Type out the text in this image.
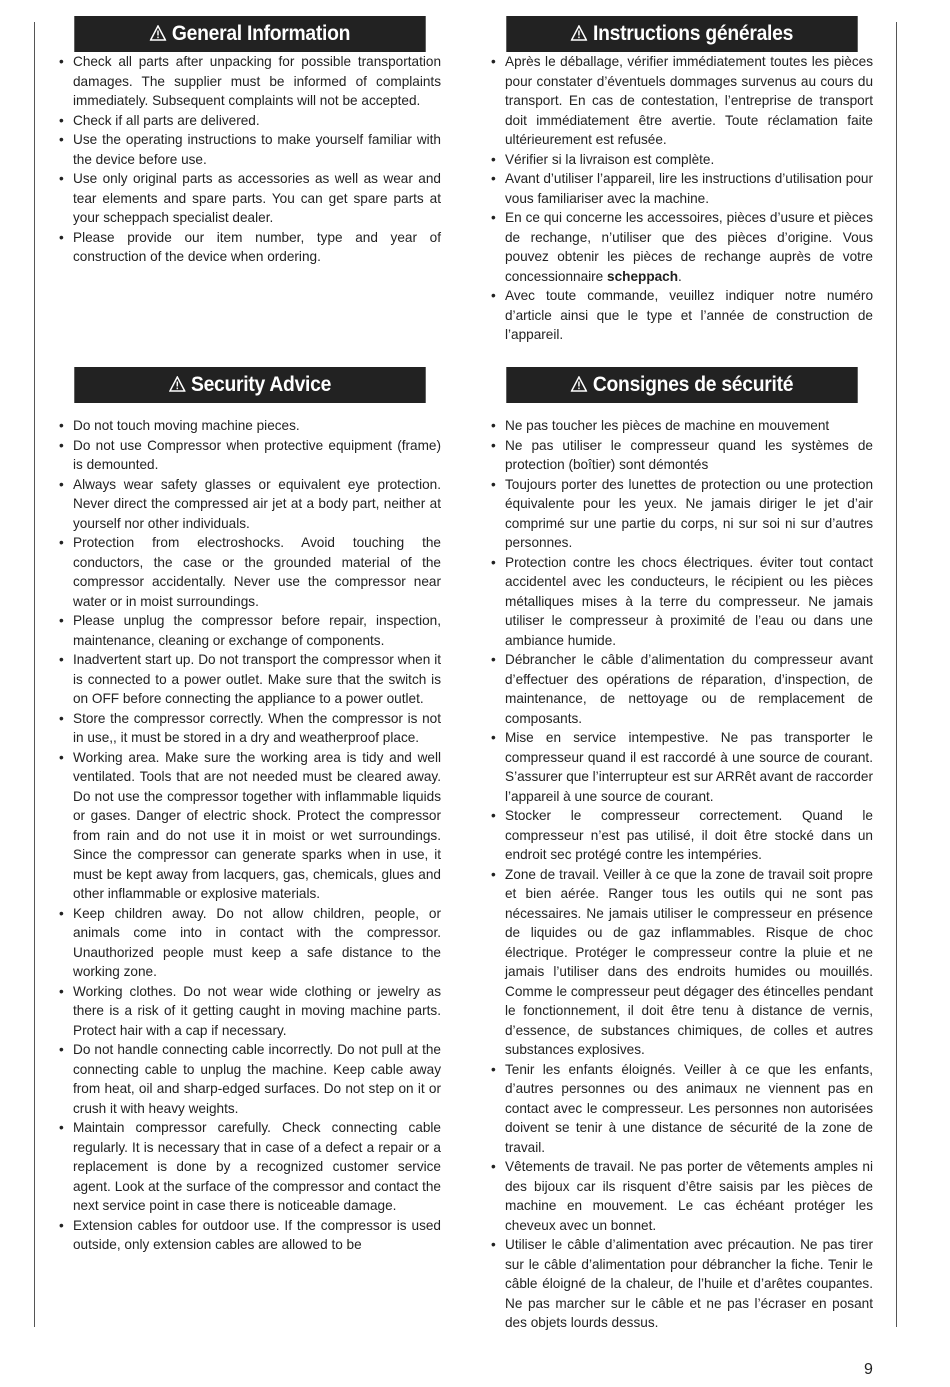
General Information
• Check all parts after unpacking for possible transportation damages. The supplier must be informed of complaints immediately. Subsequent complaints will not be accepted.
• Check if all parts are delivered.
• Use the operating instructions to make yourself familiar with the device before use.
• Use only original parts as accessories as well as wear and tear elements and spare parts. You can get spare parts at your scheppach specialist dealer.
• Please provide our item number, type and year of construction of the device when ordering.
Security Advice
• Do not touch moving machine pieces.
• Do not use Compressor when protective equipment (frame) is demounted.
• Always wear safety glasses or equivalent eye protection. Never direct the compressed air jet at a body part, neither at yourself nor other individuals.
• Protection from electroshocks. Avoid touching the conductors, the case or the grounded material of the compressor accidentally. Never use the compressor near water or in moist surroundings.
• Please unplug the compressor before repair, inspection, maintenance, cleaning or exchange of components.
• Inadvertent start up. Do not transport the compressor when it is connected to a power outlet. Make sure that the switch is on OFF before connecting the appliance to a power outlet.
• Store the compressor correctly. When the compressor is not in use,, it must be stored in a dry and weatherproof place.
• Working area. Make sure the working area is tidy and well ventilated. Tools that are not needed must be cleared away. Do not use the compressor together with inflammable liquids or gases. Danger of electric shock. Protect the compressor from rain and do not use it in moist or wet surroundings. Since the compressor can generate sparks when in use, it must be kept away from lacquers, gas, chemicals, glues and other inflammable or explosive materials.
• Keep children away. Do not allow children, people, or animals come into in contact with the compressor. Unauthorized people must keep a safe distance to the working zone.
• Working clothes. Do not wear wide clothing or jewelry as there is a risk of it getting caught in moving machine parts. Protect hair with a cap if necessary.
• Do not handle connecting cable incorrectly. Do not pull at the connecting cable to unplug the machine. Keep cable away from heat, oil and sharp-edged surfaces. Do not step on it or crush it with heavy weights.
• Maintain compressor carefully. Check connecting cable regularly. It is necessary that in case of a defect a repair or a replacement is done by a recognized customer service agent. Look at the surface of the compressor and contact the next service point in case there is noticeable damage.
• Extension cables for outdoor use. If the compressor is used outside, only extension cables are allowed to be
Instructions générales
• Après le déballage, vérifier immédiatement toutes les pièces pour constater d’éventuels dommages survenus au cours du transport. En cas de contestation, l’entreprise de transport doit immédiatement être avertie. Toute réclamation faite ultérieurement est refusée.
• Vérifier si la livraison est complète.
• Avant d’utiliser l’appareil, lire les instructions d’utilisation pour vous familiariser avec la machine.
• En ce qui concerne les accessoires, pièces d’usure et pièces de rechange, n’utiliser que des pièces d’origine. Vous pouvez obtenir les pièces de rechange auprès de votre concessionnaire scheppach.
• Avec toute commande, veuillez indiquer notre numéro d’article ainsi que le type et l’année de construction de l’appareil.
Consignes de sécurité
• Ne pas toucher les pièces de machine en mouvement
• Ne pas utiliser le compresseur quand les systèmes de protection (boîtier) sont démontés
• Toujours porter des lunettes de protection ou une protection équivalente pour les yeux. Ne jamais diriger le jet d’air comprimé sur une partie du corps, ni sur soi ni sur d’autres personnes.
• Protection contre les chocs électriques. éviter tout contact accidentel avec les conducteurs, le récipient ou les pièces métalliques mises à la terre du compresseur. Ne jamais utiliser le compresseur à proximité de l’eau ou dans une ambiance humide.
• Débrancher le câble d’alimentation du compresseur avant d’effectuer des opérations de réparation, d’inspection, de maintenance, de nettoyage ou de remplacement de composants.
• Mise en service intempestive. Ne pas transporter le compresseur quand il est raccordé à une source de courant. S’assurer que l’interrupteur est sur ARRêt avant de raccorder l’appareil à une source de courant.
• Stocker le compresseur correctement. Quand le compresseur n’est pas utilisé, il doit être stocké dans un endroit sec protégé contre les intempéries.
• Zone de travail. Veiller à ce que la zone de travail soit propre et bien aérée. Ranger tous les outils qui ne sont pas nécessaires. Ne jamais utiliser le compresseur en présence de liquides ou de gaz inflammables. Risque de choc électrique. Protéger le compresseur contre la pluie et ne jamais l’utiliser dans des endroits humides ou mouillés. Comme le compresseur peut dégager des étincelles pendant le fonctionnement, il doit être tenu à distance de vernis, d’essence, de substances chimiques, de colles et autres substances explosives.
• Tenir les enfants éloignés. Veiller à ce que les enfants, d’autres personnes ou des animaux ne viennent pas en contact avec le compresseur. Les personnes non autorisées doivent se tenir à une distance de sécurité de la zone de travail.
• Vêtements de travail. Ne pas porter de vêtements amples ni des bijoux car ils risquent d’être saisis par les pièces de machine en mouvement. Le cas échéant protéger les cheveux avec un bonnet.
• Utiliser le câble d’alimentation avec précaution. Ne pas tirer sur le câble d’alimentation pour débrancher la fiche. Tenir le câble éloigné de la chaleur, de l’huile et d’arêtes coupantes. Ne pas marcher sur le câble et ne pas l’écraser en posant des objets lourds dessus.
9
